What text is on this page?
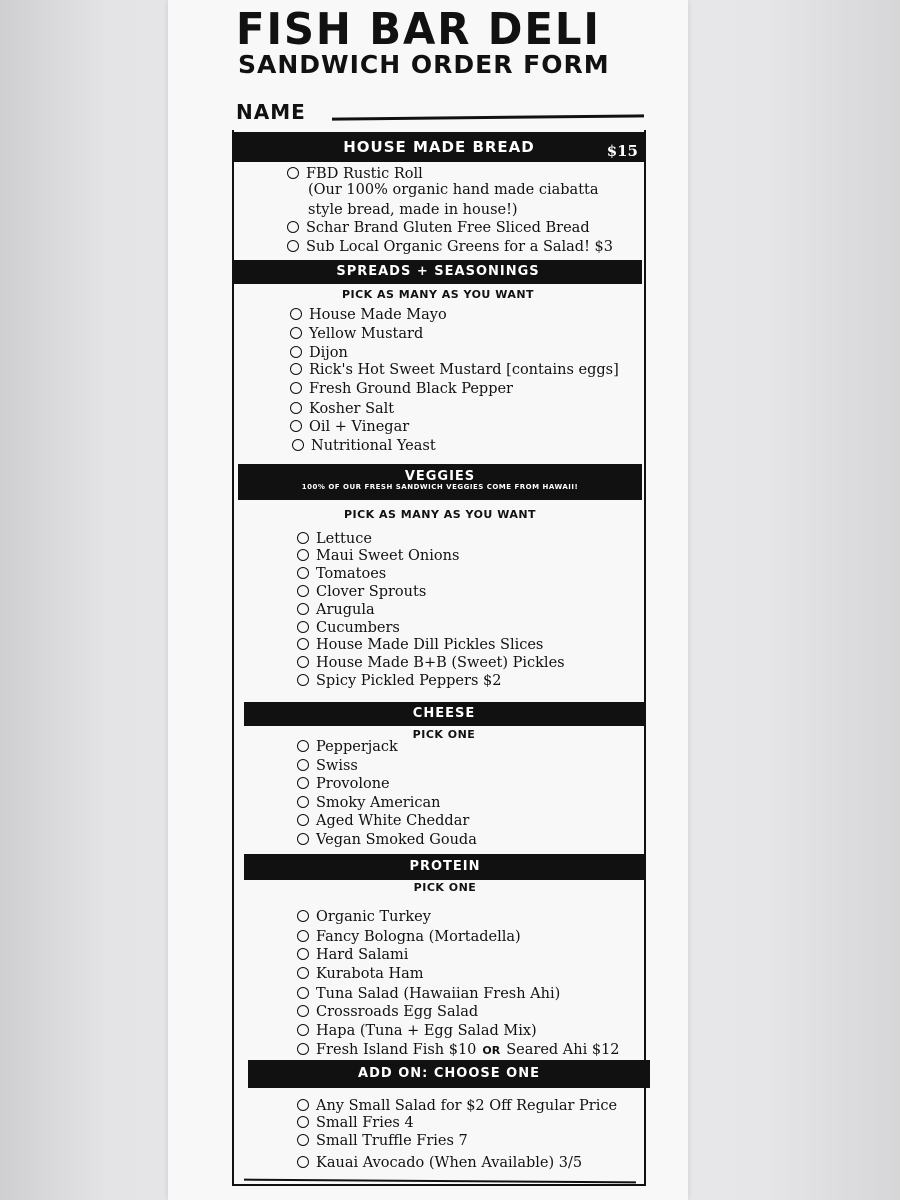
FISH BAR DELI
SANDWICH ORDER FORM
NAME
HOUSE MADE BREAD	$15
FBD Rustic Roll
(Our 100% organic hand made ciabatta
style bread, made in house!)
Schar Brand Gluten Free Sliced Bread
Sub Local Organic Greens for a Salad! $3
SPREADS + SEASONINGS
PICK AS MANY AS YOU WANT
House Made Mayo
Yellow Mustard
Dijon
Rick's Hot Sweet Mustard [contains eggs]
Fresh Ground Black Pepper
Kosher Salt
Oil + Vinegar
Nutritional Yeast
VEGGIES
100% OF OUR FRESH SANDWICH VEGGIES COME FROM HAWAII!
PICK AS MANY AS YOU WANT
Lettuce
Maui Sweet Onions
Tomatoes
Clover Sprouts
Arugula
Cucumbers
House Made Dill Pickles Slices
House Made B+B (Sweet) Pickles
Spicy Pickled Peppers $2
CHEESE
PICK ONE
Pepperjack
Swiss
Provolone
Smoky American
Aged White Cheddar
Vegan Smoked Gouda
PROTEIN
PICK ONE
Organic Turkey
Fancy Bologna (Mortadella)
Hard Salami
Kurabota Ham
Tuna Salad (Hawaiian Fresh Ahi)
Crossroads Egg Salad
Hapa (Tuna + Egg Salad Mix)
Fresh Island Fish $10 OR Seared Ahi $12
ADD ON: CHOOSE ONE
Any Small Salad for $2 Off Regular Price
Small Fries 4
Small Truffle Fries 7
Kauai Avocado (When Available) 3/5
